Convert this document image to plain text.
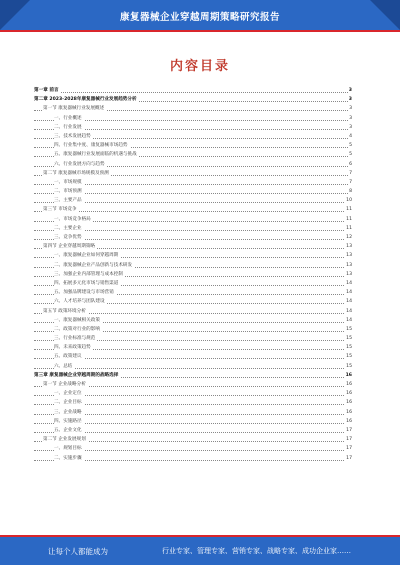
康复器械企业穿越周期策略研究报告
内容目录
第一章 前言	3
第二章 2023-2028年康复器械行业发展趋势分析	3
第一节 康复器械行业发展概述	3
一、行业概述	3
二、行业发展	3
三、技术发展趋势	4
四、行业集中度、康复器械市场趋势	5
五、康复器械行业发展面临的机遇与挑战	5
六、行业发展方向与趋势	6
第二节 康复器械市场规模及预测	7
一、市场规模	7
二、市场预测	8
三、主要产品	10
第三节 市场竞争	11
一、市场竞争格局	11
二、主要企业	11
三、竞争优势	12
第四节 企业穿越周期策略	13
一、康复器械企业如何穿越周期	13
二、康复器械企业产品创新与技术研发	13
三、加强企业内部管理与成本控制	13
四、拓展多元化市场与销售渠道	14
五、加强品牌建设与市场营销	14
六、人才培养与团队建设	14
第五节 政策环境分析	14
一、康复器械相关政策	14
二、政策对行业的影响	15
三、行业标准与规范	15
四、未来政策趋势	15
五、政策建议	15
六、总结	15
第三章 康复器械企业穿越周期的战略选择	16
第一节 企业战略分析	16
一、企业定位	16
二、企业目标	16
三、企业战略	16
四、实施路径	16
五、企业文化	17
第二节 企业发展规划	17
一、规划目标	17
二、实施步骤	17
让每个人都能成为	行业专家、管理专家、营销专家、战略专家、成功企业家……
